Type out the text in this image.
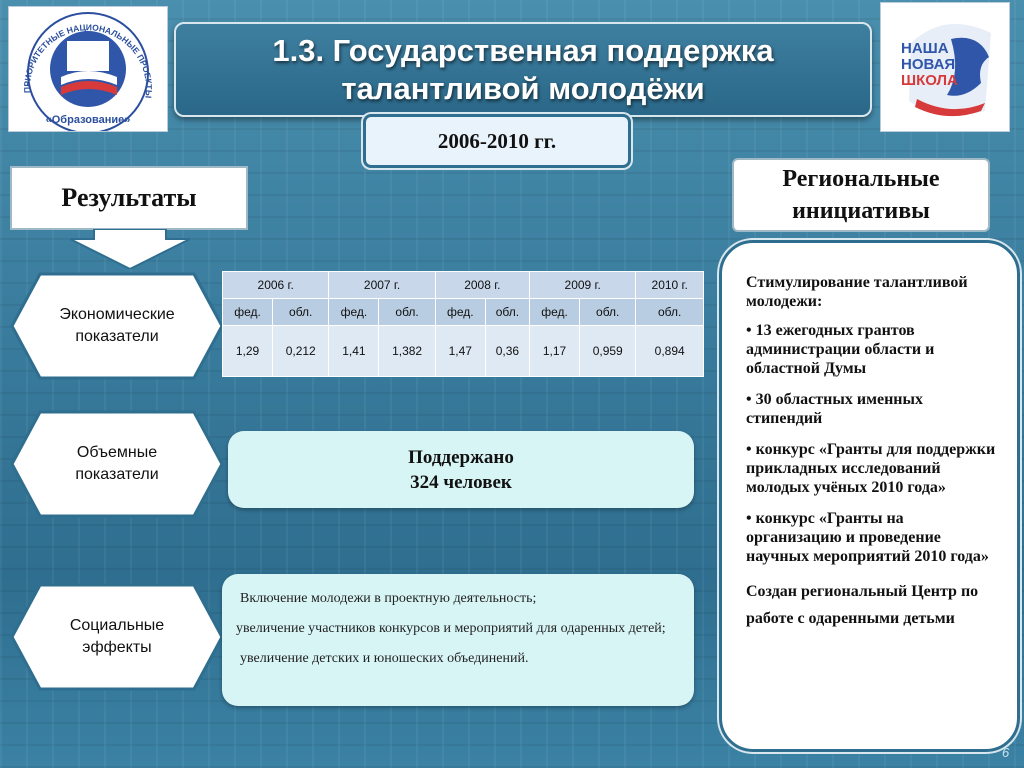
ПРИОРИТЕТНЫЕ НАЦИОНАЛЬНЫЕ ПРОЕКТЫ
«Образование»
НАША
НОВАЯ
ШКОЛА
1.3. Государственная поддержка
талантливой молодёжи
2006-2010 гг.
Результаты
Экономические
показатели
Объемные
показатели
Социальные
эффекты
2006 г.		2007 г.		2008 г.		2009 г.		2010 г.
фед.	обл.	фед.	обл.	фед.	обл.	фед.	обл.	обл.
1,29	0,212	1,41	1,382	1,47	0,36	1,17	0,959	0,894
Поддержано
324 человек
Включение молодежи в проектную деятельность;
увеличение участников конкурсов и мероприятий для одаренных детей;
увеличение детских и юношеских объединений.
Региональные
инициативы
Стимулирование талантливой молодежи:
• 13 ежегодных грантов администрации области и областной Думы
• 30 областных именных стипендий
• конкурс «Гранты для поддержки прикладных исследований молодых учёных 2010 года»
• конкурс «Гранты на организацию и проведение научных мероприятий 2010 года»
Создан региональный Центр по работе с одаренными детьми
6
